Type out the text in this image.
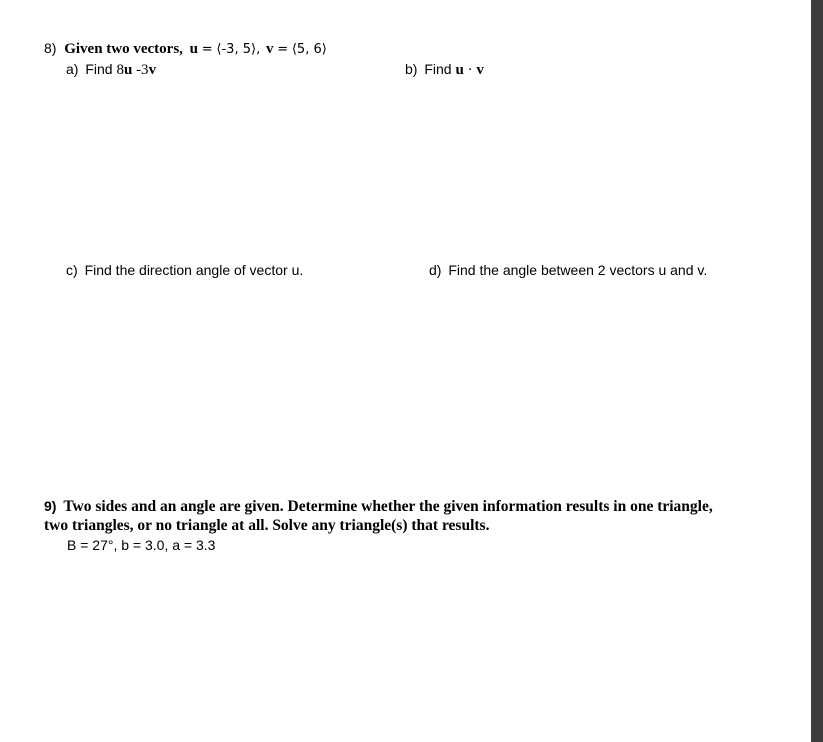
8) Given two vectors, u = ⟨-3, 5⟩, v = ⟨5, 6⟩
a) Find 8u -3v	b) Find u · v
c) Find the direction angle of vector u.	d) Find the angle between 2 vectors u and v.
9) Two sides and an angle are given. Determine whether the given information results in one triangle,
two triangles, or no triangle at all. Solve any triangle(s) that results.
B = 27°, b = 3.0, a = 3.3
